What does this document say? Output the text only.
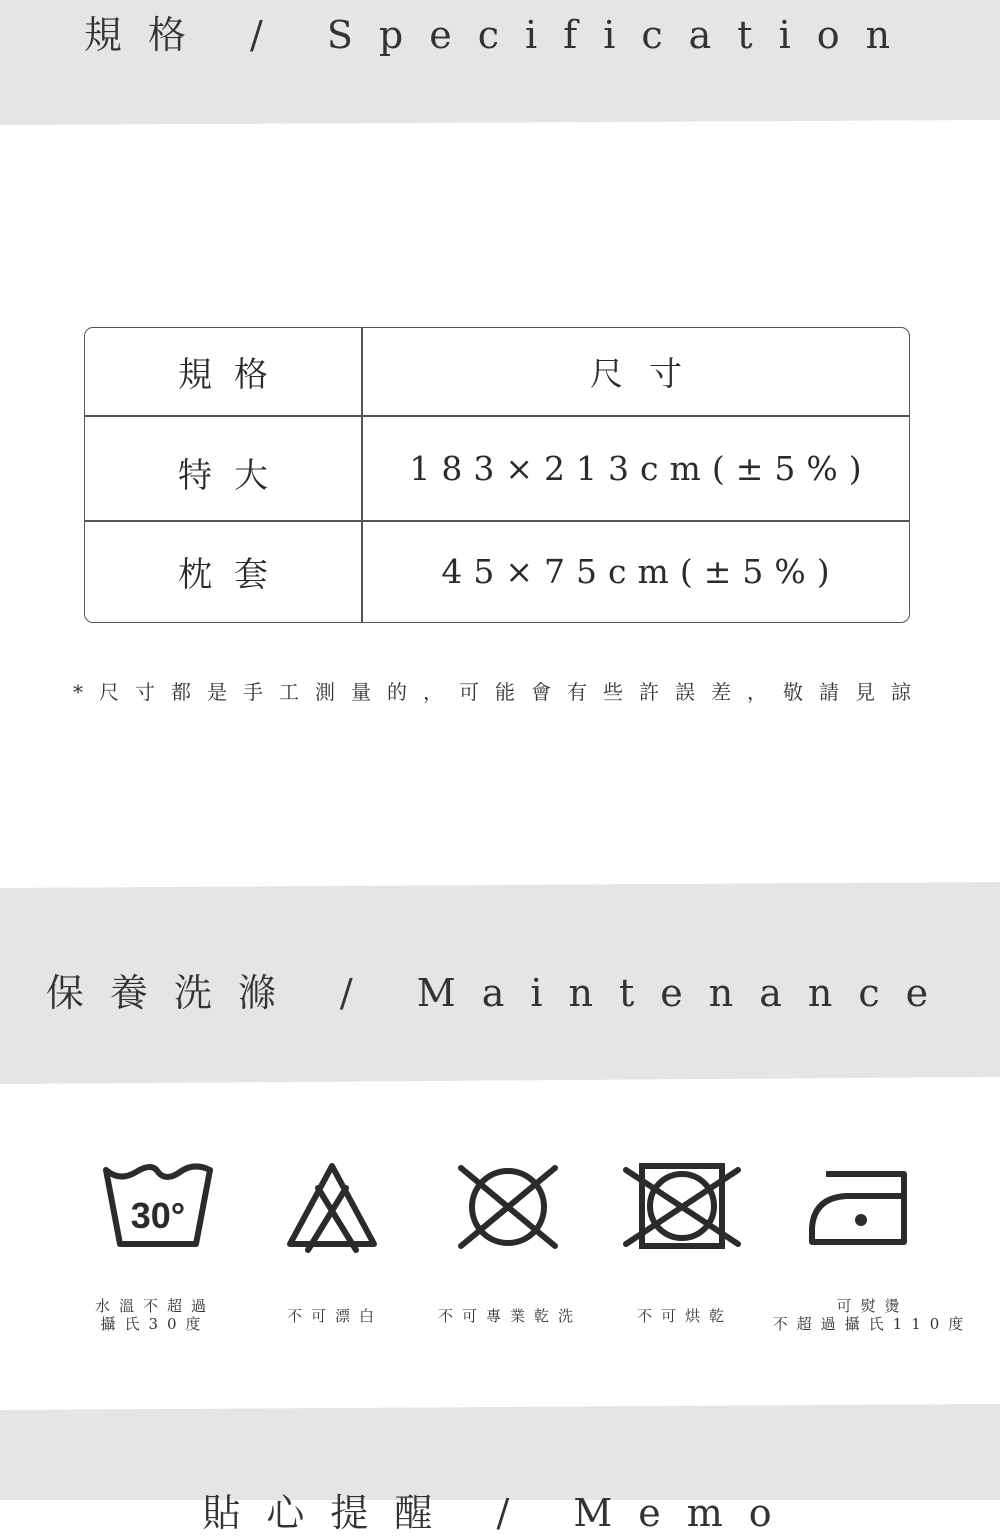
規格 / Specification
規格	尺寸
特大	183×213cm(±5%)
枕套	45×75cm(±5%)
*尺寸都是手工測量的，可能會有些許誤差，敬請見諒
保養洗滌 / Maintenance
30°
水溫不超過
攝氏30度	不可漂白	不可專業乾洗	不可烘乾
可熨燙
不超過攝氏110度
貼心提醒 / Memo
